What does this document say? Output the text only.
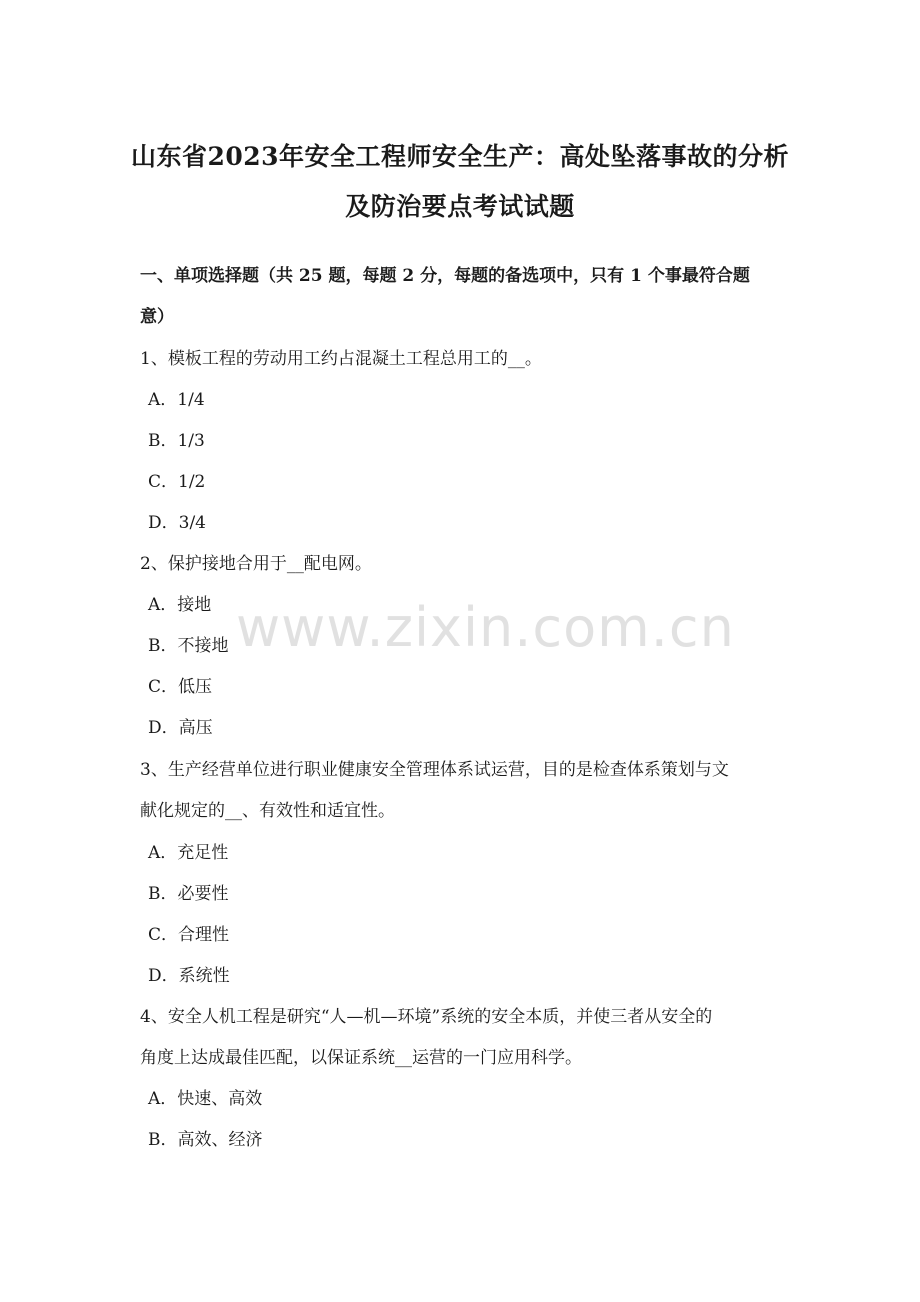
山东省2023年安全工程师安全生产：高处坠落事故的分析
及防治要点考试试题
www.zixin.com.cn
一、单项选择题（共 25 题，每题 2 分，每题的备选项中，只有 1 个事最符合题
意）
1、模板工程的劳动用工约占混凝土工程总用工的__。
A．1/4
B．1/3
C．1/2
D．3/4
2、保护接地合用于__配电网。
A．接地
B．不接地
C．低压
D．高压
3、生产经营单位进行职业健康安全管理体系试运营，目的是检查体系策划与文
献化规定的__、有效性和适宜性。
A．充足性
B．必要性
C．合理性
D．系统性
4、安全人机工程是研究“人—机—环境”系统的安全本质，并使三者从安全的
角度上达成最佳匹配，以保证系统__运营的一门应用科学。
A．快速、高效
B．高效、经济
